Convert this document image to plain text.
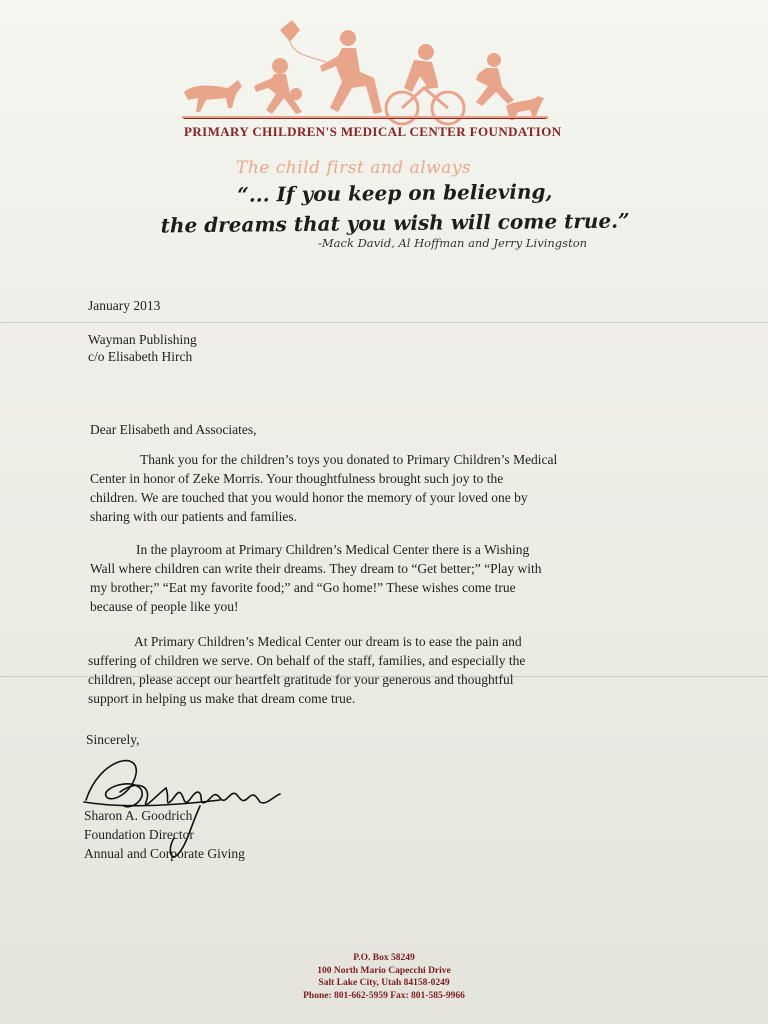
PRIMARY CHILDREN'S MEDICAL CENTER FOUNDATION
The child first and always
“... If you keep on believing,
the dreams that you wish will come true.”
-Mack David, Al Hoffman and Jerry Livingston
January 2013
Wayman Publishing
c/o Elisabeth Hirch
Dear Elisabeth and Associates,
Thank you for the children’s toys you donated to Primary Children’s Medical
Center in honor of Zeke Morris. Your thoughtfulness brought such joy to the
children. We are touched that you would honor the memory of your loved one by
sharing with our patients and families.
In the playroom at Primary Children’s Medical Center there is a Wishing
Wall where children can write their dreams. They dream to “Get better;” “Play with
my brother;” “Eat my favorite food;” and “Go home!” These wishes come true
because of people like you!
At Primary Children’s Medical Center our dream is to ease the pain and
suffering of children we serve. On behalf of the staff, families, and especially the
children, please accept our heartfelt gratitude for your generous and thoughtful
support in helping us make that dream come true.
Sincerely,
Sharon A. Goodrich
Foundation Director
Annual and Corporate Giving
P.O. Box 58249
100 North Mario Capecchi Drive
Salt Lake City, Utah 84158-0249
Phone: 801-662-5959 Fax: 801-585-9966
